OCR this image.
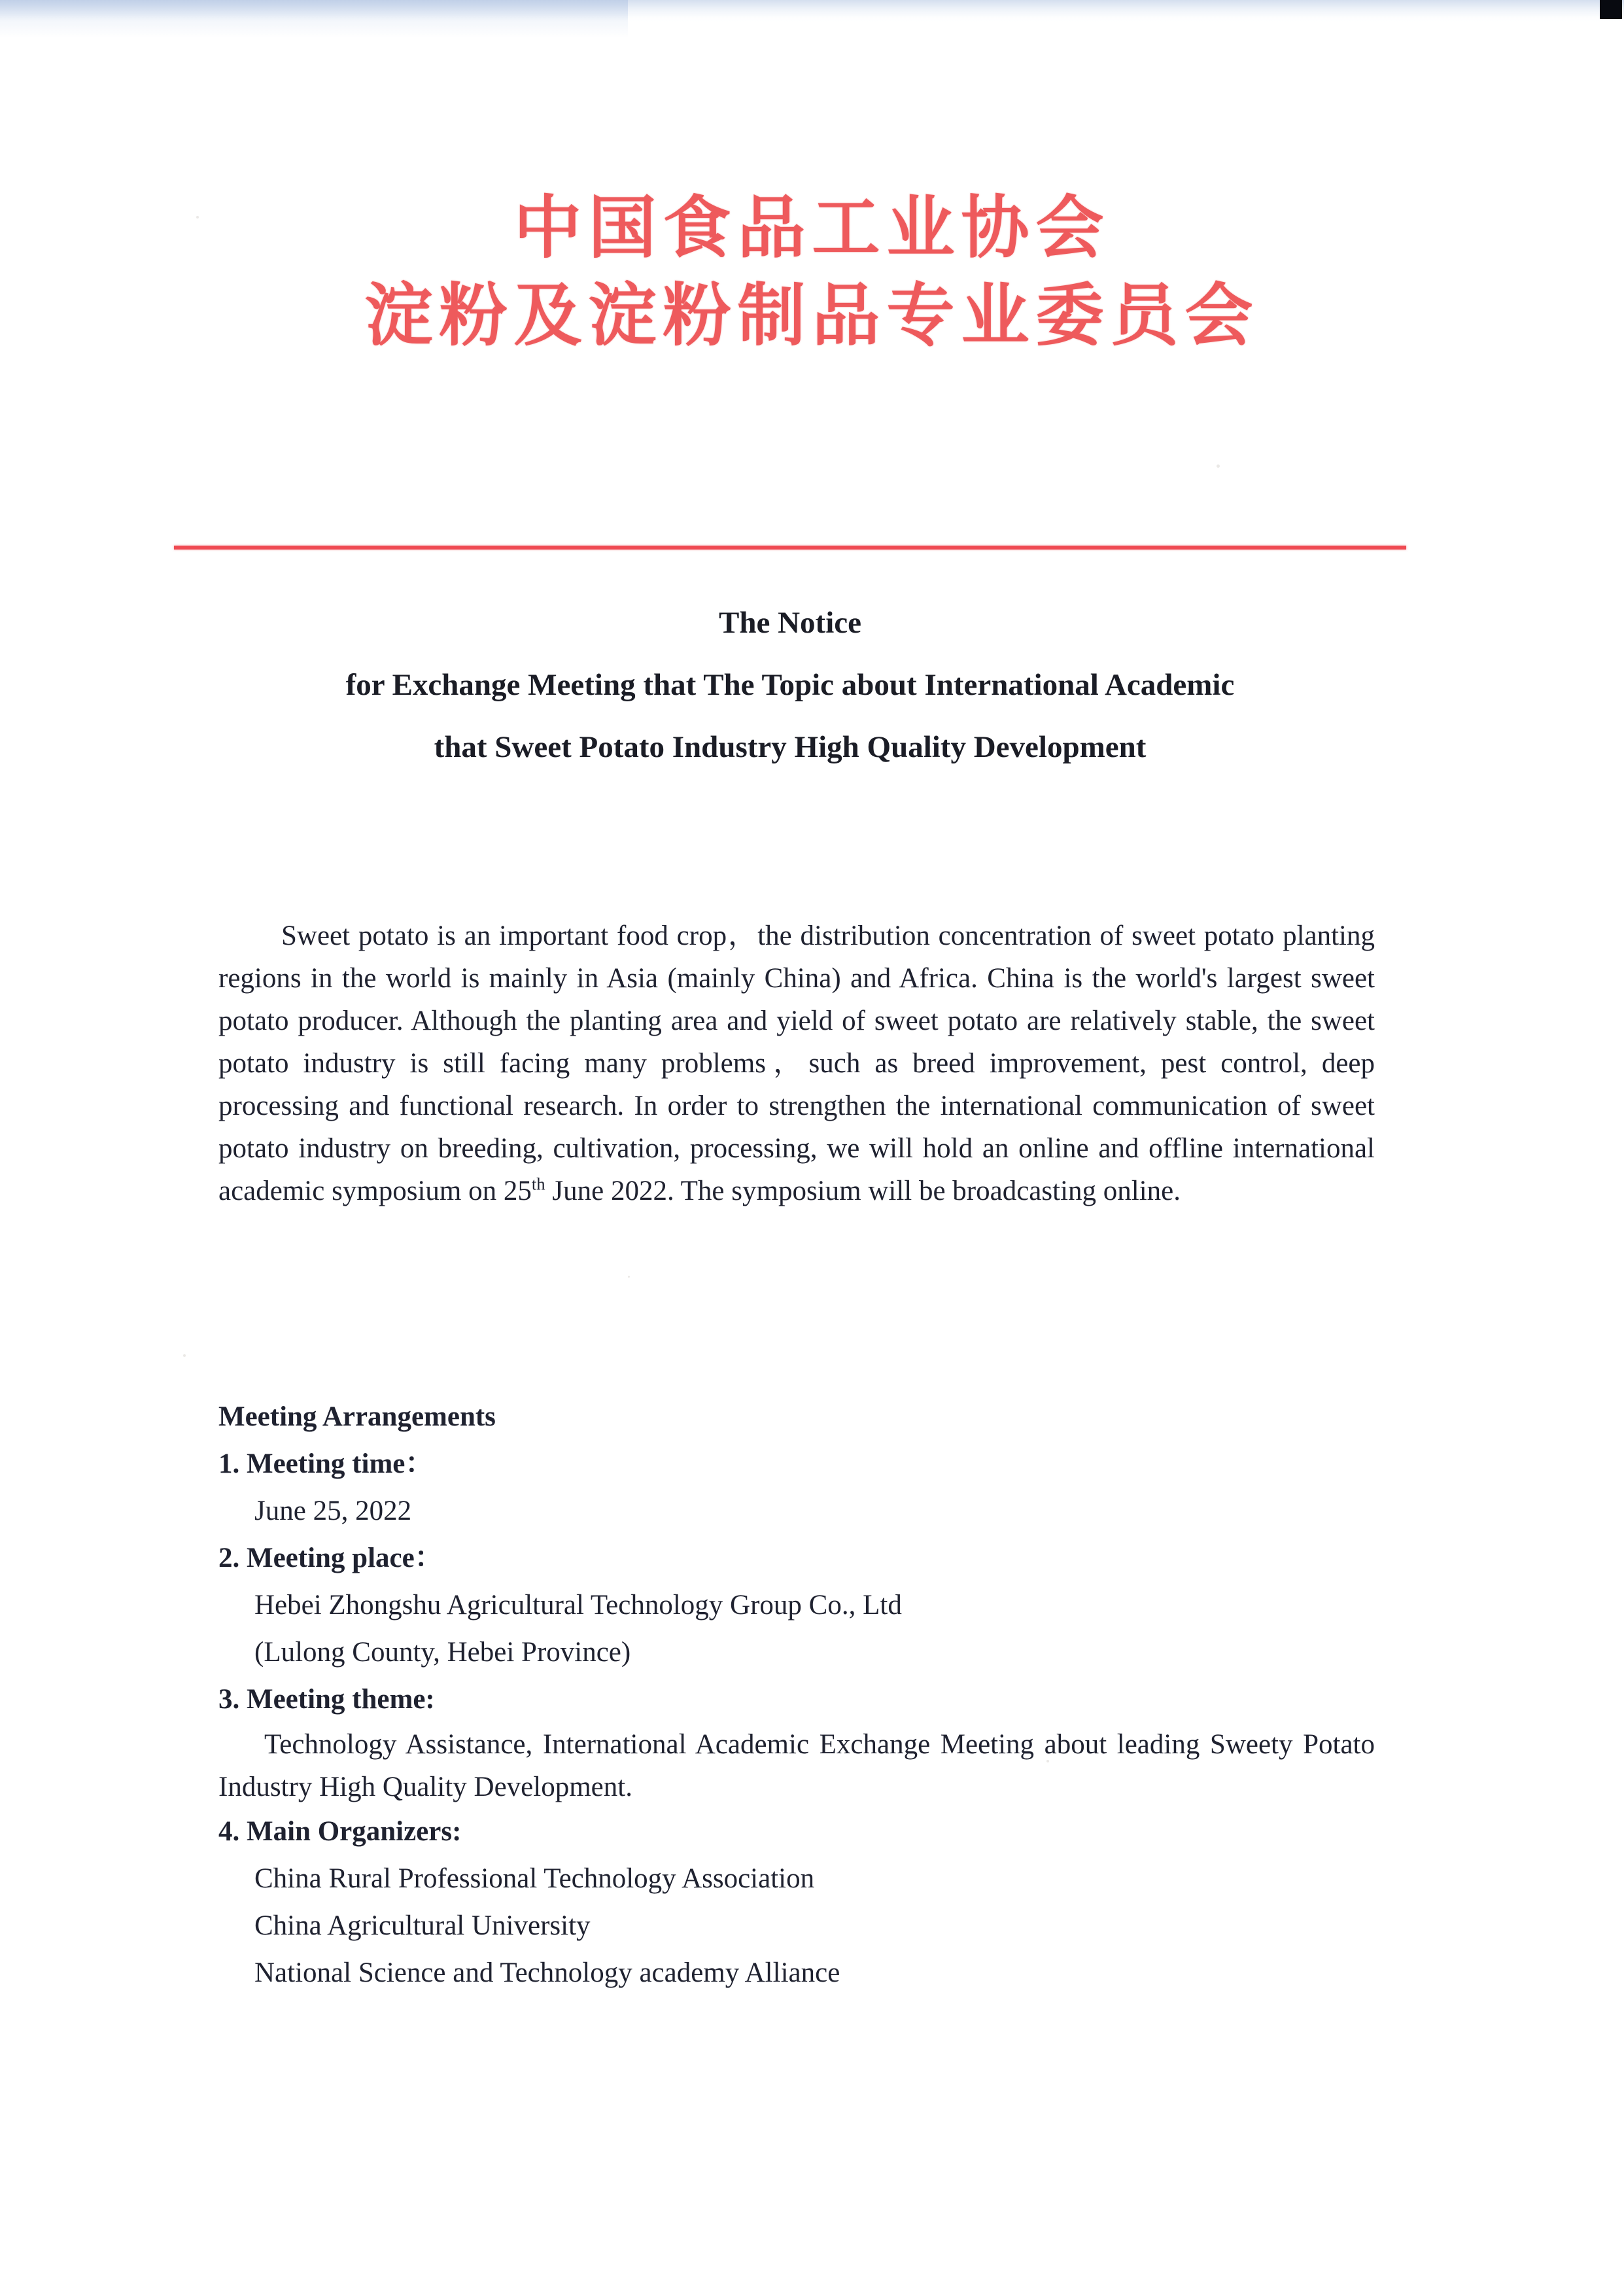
中国食品工业协会
淀粉及淀粉制品专业委员会
The Notice
for Exchange Meeting that The Topic about International Academic
that Sweet Potato Industry High Quality Development

Sweet potato is an important food crop，the distribution concentration of sweet potato planting regions in the world is mainly in Asia (mainly China) and Africa. China is the world's largest sweet potato producer. Although the planting area and yield of sweet potato are relatively stable, the sweet potato industry is still facing many problems，such as breed improvement, pest control, deep processing and functional research. In order to strengthen the international communication of sweet potato industry on breeding, cultivation, processing, we will hold an online and offline international academic symposium on 25th June 2022. The symposium will be broadcasting online.

Meeting Arrangements
1. Meeting time：
June 25, 2022
2. Meeting place：
Hebei Zhongshu Agricultural Technology Group Co., Ltd
(Lulong County, Hebei Province)
3. Meeting theme:
Technology Assistance, International Academic Exchange Meeting about leading Sweety Potato Industry High Quality Development.
4. Main Organizers:
China Rural Professional Technology Association
China Agricultural University
National Science and Technology academy Alliance
